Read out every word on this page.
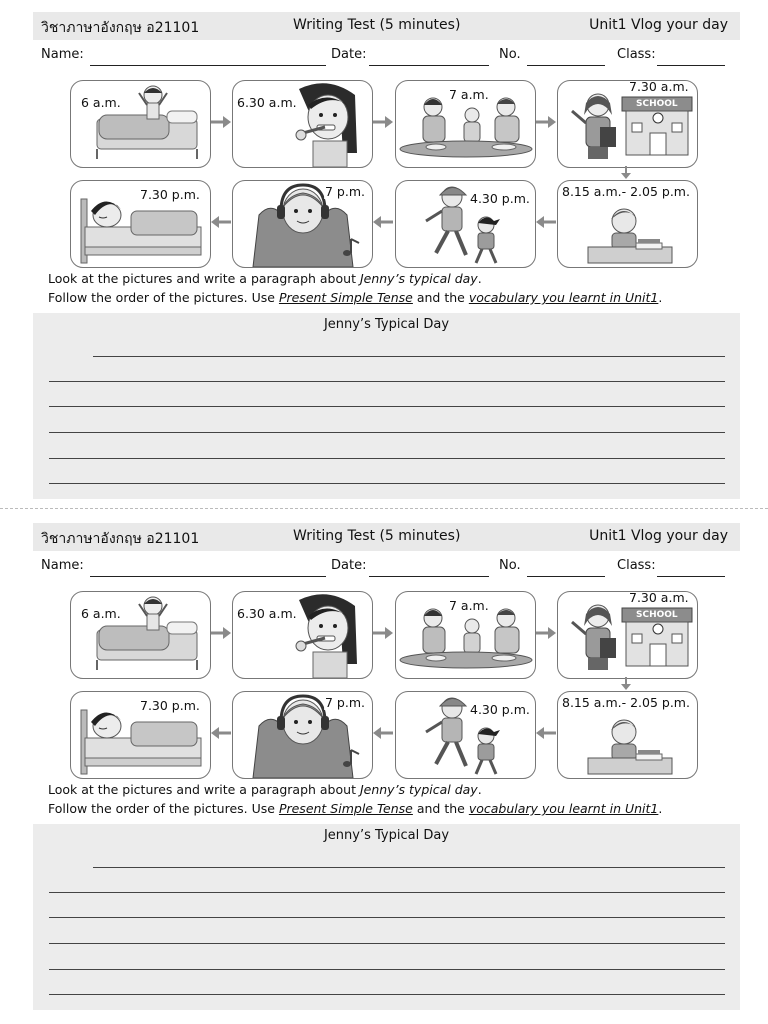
วิชาภาษาอังกฤษ อ21101	Writing Test (5 minutes)	Unit1 Vlog your day
Name:	Date:	No.	Class:
6 a.m.	6.30 a.m.
7 a.m.
7.30 a.m.
SCHOOL
7.30 p.m.	7 p.m.	4.30 p.m.	8.15 a.m.- 2.05 p.m.
Look at the pictures and write a paragraph about Jenny’s typical day.
Follow the order of the pictures. Use Present Simple Tense and the vocabulary you learnt in Unit1.
Jenny’s Typical Day
วิชาภาษาอังกฤษ อ21101	Writing Test (5 minutes)	Unit1 Vlog your day
Name:	Date:	No.	Class:
6 a.m.	6.30 a.m.
7 a.m.
7.30 a.m.
SCHOOL
7.30 p.m.	7 p.m.	4.30 p.m.	8.15 a.m.- 2.05 p.m.
Look at the pictures and write a paragraph about Jenny’s typical day.
Follow the order of the pictures. Use Present Simple Tense and the vocabulary you learnt in Unit1.
Jenny’s Typical Day
